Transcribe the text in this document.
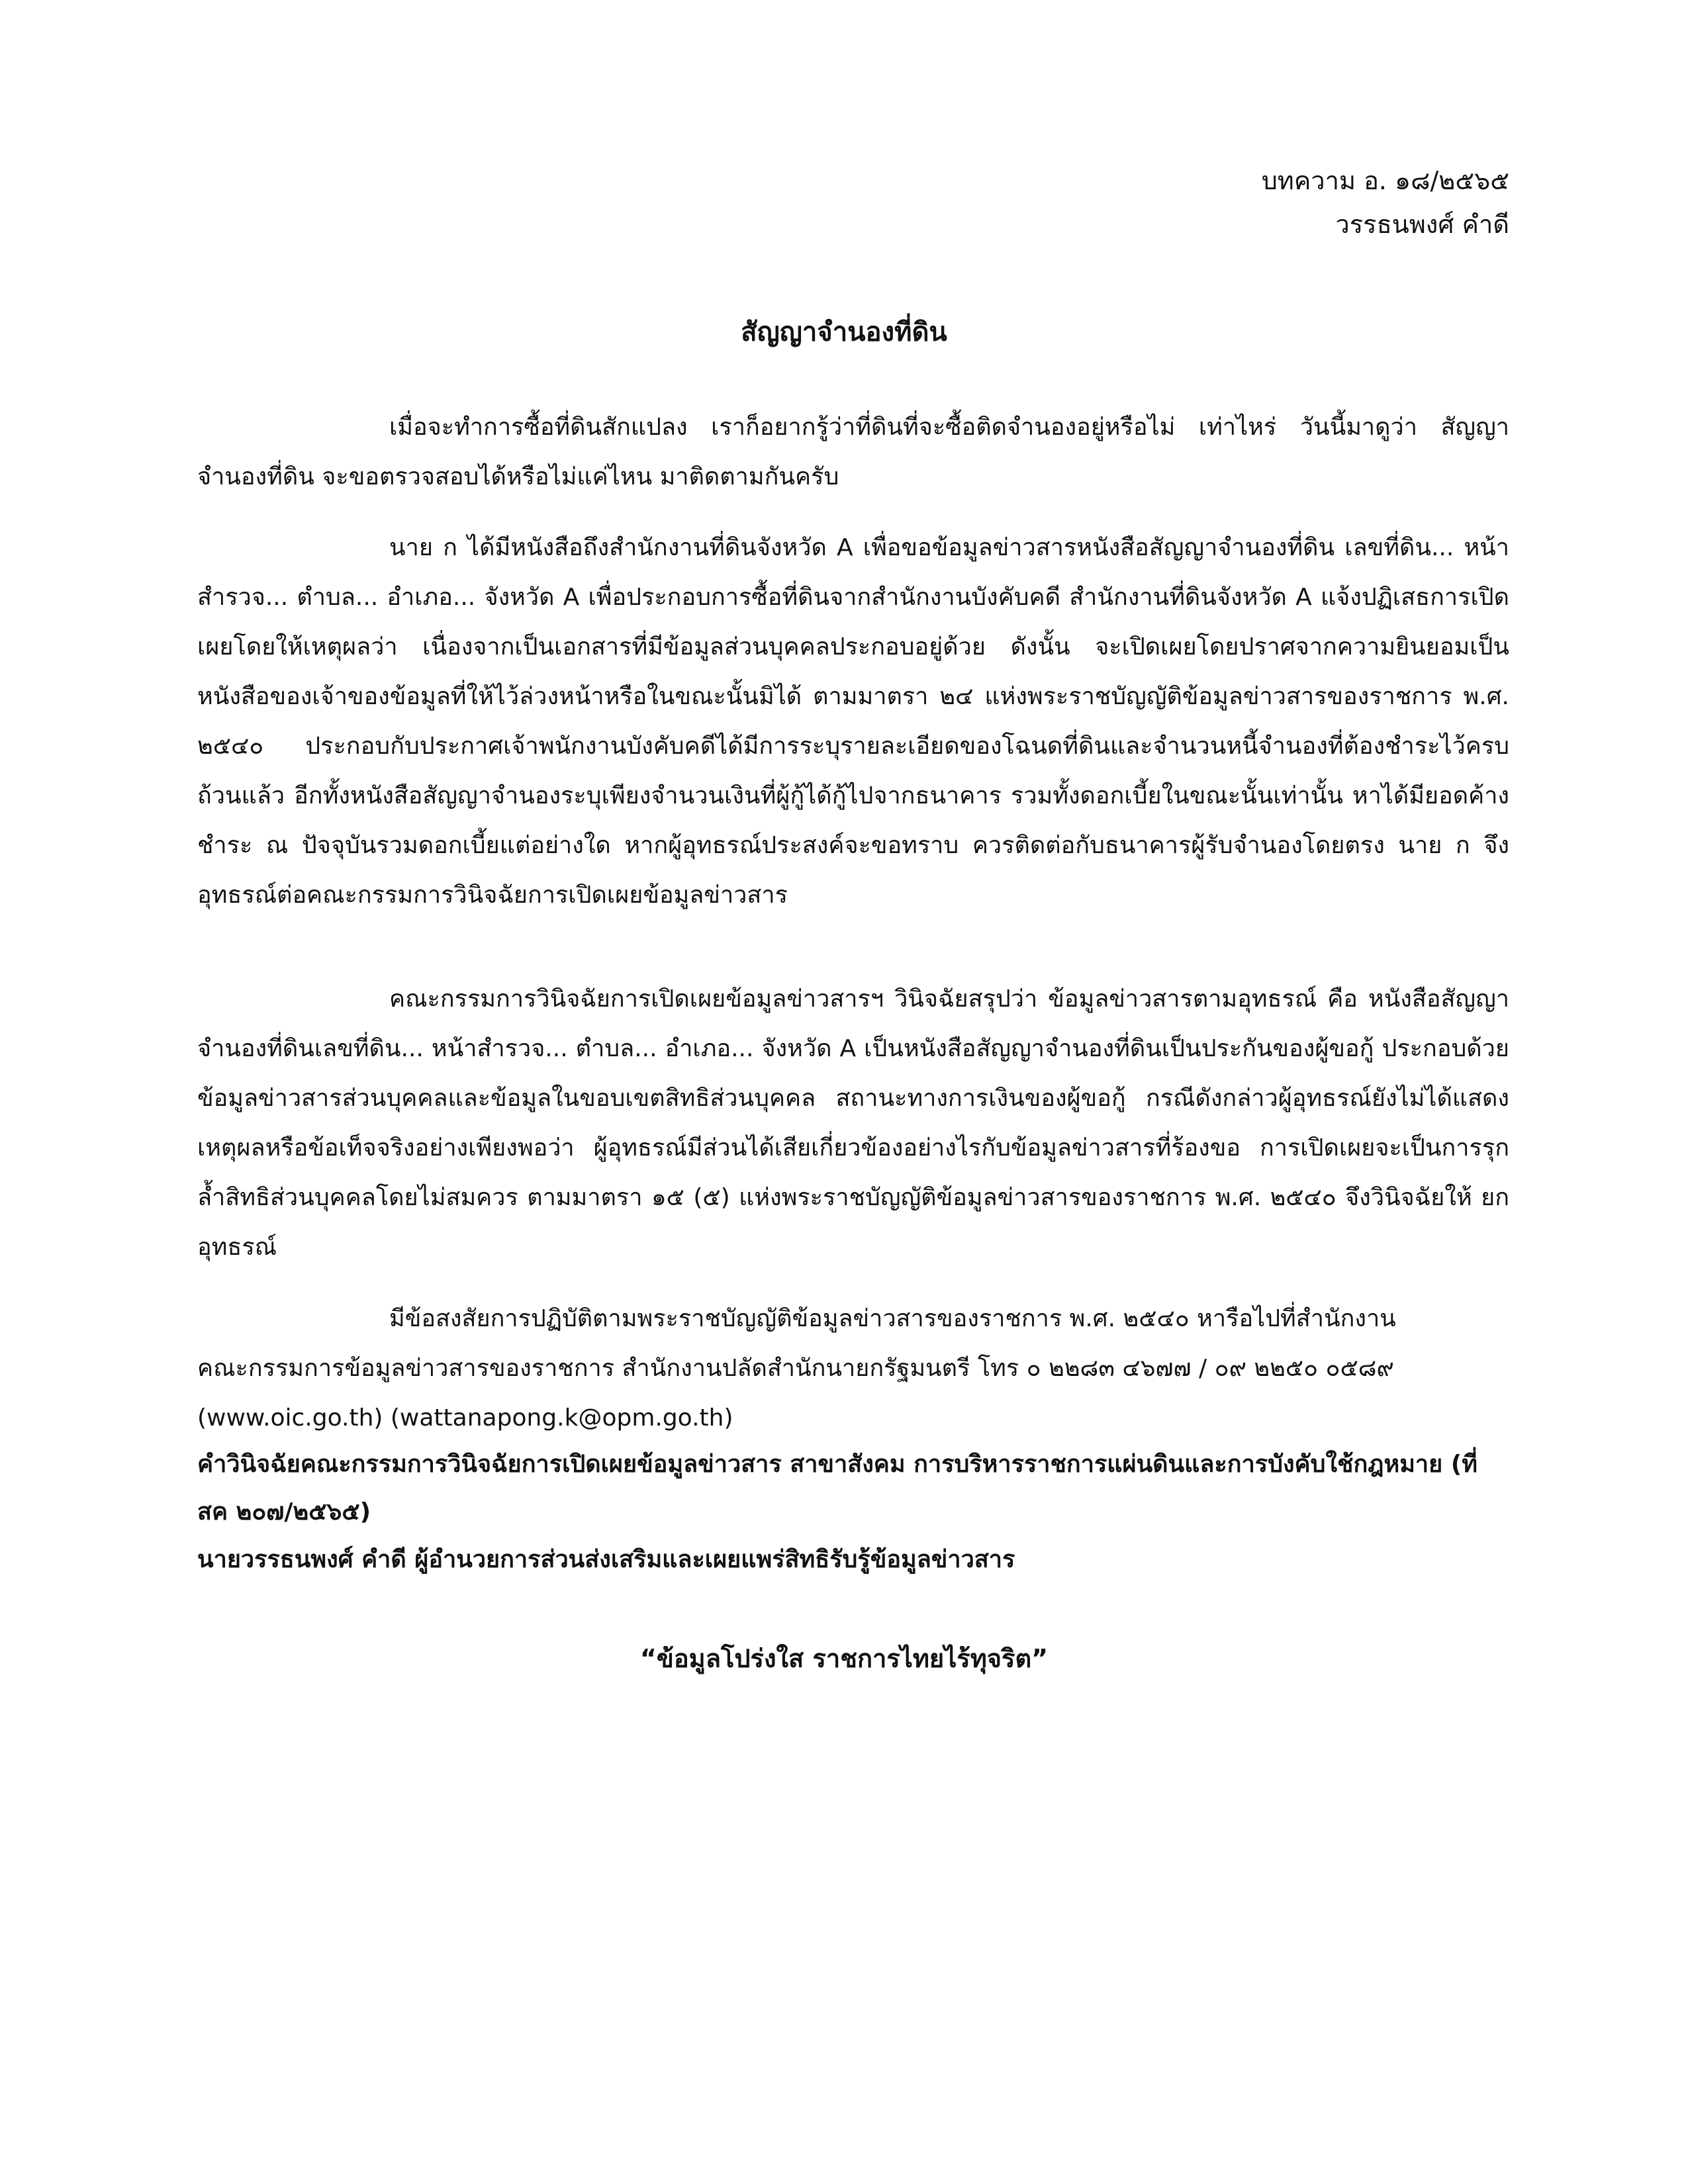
บทความ อ. ๑๘/๒๕๖๕
วรรธนพงศ์ คำดี
สัญญาจำนองที่ดิน

เมื่อจะทำการซื้อที่ดินสักแปลง เราก็อยากรู้ว่าที่ดินที่จะซื้อติดจำนองอยู่หรือไม่ เท่าไหร่ วันนี้มาดูว่า สัญญาจำนองที่ดิน จะขอตรวจสอบได้หรือไม่แค่ไหน มาติดตามกันครับ

นาย ก ได้มีหนังสือถึงสำนักงานที่ดินจังหวัด A เพื่อขอข้อมูลข่าวสารหนังสือสัญญาจำนองที่ดิน เลขที่ดิน... หน้าสำรวจ... ตำบล... อำเภอ... จังหวัด A เพื่อประกอบการซื้อที่ดินจากสำนักงานบังคับคดี สำนักงานที่ดินจังหวัด A แจ้งปฏิเสธการเปิดเผยโดยให้เหตุผลว่า เนื่องจากเป็นเอกสารที่มีข้อมูลส่วนบุคคลประกอบอยู่ด้วย ดังนั้น จะเปิดเผยโดยปราศจากความยินยอมเป็นหนังสือของเจ้าของข้อมูลที่ให้ไว้ล่วงหน้าหรือในขณะนั้นมิได้ ตามมาตรา ๒๔ แห่งพระราชบัญญัติข้อมูลข่าวสารของราชการ พ.ศ. ๒๕๔๐ ประกอบกับประกาศเจ้าพนักงานบังคับคดีได้มีการระบุรายละเอียดของโฉนดที่ดินและจำนวนหนี้จำนองที่ต้องชำระไว้ครบถ้วนแล้ว อีกทั้งหนังสือสัญญาจำนองระบุเพียงจำนวนเงินที่ผู้กู้ได้กู้ไปจากธนาคาร รวมทั้งดอกเบี้ยในขณะนั้นเท่านั้น หาได้มียอดค้างชำระ ณ ปัจจุบันรวมดอกเบี้ยแต่อย่างใด หากผู้อุทธรณ์ประสงค์จะขอทราบ ควรติดต่อกับธนาคารผู้รับจำนองโดยตรง นาย ก จึงอุทธรณ์ต่อคณะกรรมการวินิจฉัยการเปิดเผยข้อมูลข่าวสาร

คณะกรรมการวินิจฉัยการเปิดเผยข้อมูลข่าวสารฯ วินิจฉัยสรุปว่า ข้อมูลข่าวสารตามอุทธรณ์ คือ หนังสือสัญญาจำนองที่ดินเลขที่ดิน... หน้าสำรวจ... ตำบล... อำเภอ... จังหวัด A เป็นหนังสือสัญญาจำนองที่ดินเป็นประกันของผู้ขอกู้ ประกอบด้วยข้อมูลข่าวสารส่วนบุคคลและข้อมูลในขอบเขตสิทธิส่วนบุคคล สถานะทางการเงินของผู้ขอกู้ กรณีดังกล่าวผู้อุทธรณ์ยังไม่ได้แสดงเหตุผลหรือข้อเท็จจริงอย่างเพียงพอว่า ผู้อุทธรณ์มีส่วนได้เสียเกี่ยวข้องอย่างไรกับข้อมูลข่าวสารที่ร้องขอ การเปิดเผยจะเป็นการรุกล้ำสิทธิส่วนบุคคลโดยไม่สมควร ตามมาตรา ๑๕ (๕) แห่งพระราชบัญญัติข้อมูลข่าวสารของราชการ พ.ศ. ๒๕๔๐ จึงวินิจฉัยให้ ยกอุทธรณ์

มีข้อสงสัยการปฏิบัติตามพระราชบัญญัติข้อมูลข่าวสารของราชการ พ.ศ. ๒๕๔๐ หารือไปที่สำนักงาน
คณะกรรมการข้อมูลข่าวสารของราชการ สำนักงานปลัดสำนักนายกรัฐมนตรี โทร ๐ ๒๒๘๓ ๔๖๗๗ / ๐๙ ๒๒๕๐ ๐๕๘๙
(www.oic.go.th) (wattanapong.k@opm.go.th)
คำวินิจฉัยคณะกรรมการวินิจฉัยการเปิดเผยข้อมูลข่าวสาร สาขาสังคม การบริหารราชการแผ่นดินและการบังคับใช้กฎหมาย (ที่ สค ๒๐๗/๒๕๖๕)
นายวรรธนพงศ์ คำดี ผู้อำนวยการส่วนส่งเสริมและเผยแพร่สิทธิรับรู้ข้อมูลข่าวสาร
“ข้อมูลโปร่งใส ราชการไทยไร้ทุจริต”
